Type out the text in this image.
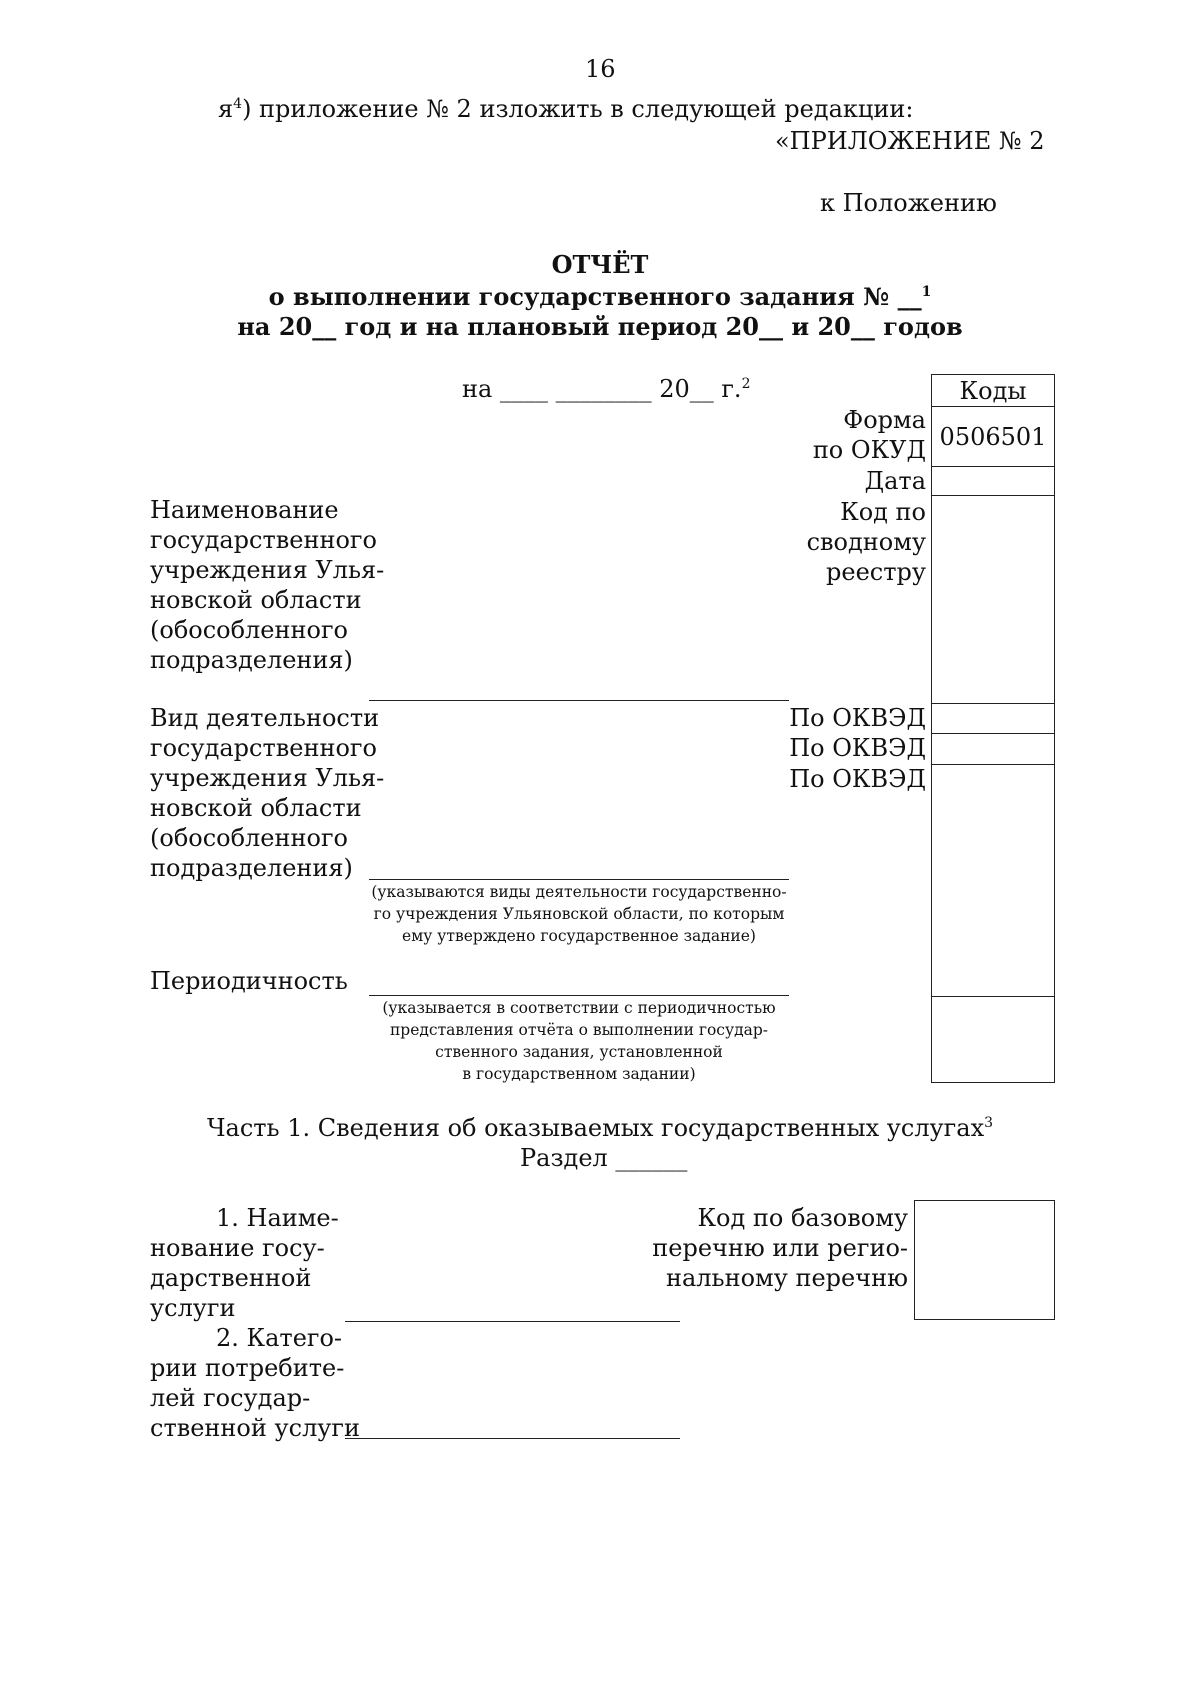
16
$я^4$) приложение № 2 изложить в следующей редакции:
«ПРИЛОЖЕНИЕ № 2
к Положению
ОТЧЁТ
о выполнении государственного задания № __$^1$
на 20__ год и на плановый период 20__ и 20__ годов
на ____ ________ 20__ г.$^2$	Коды
0506501
Форма
по ОКУД
Дата
Код по
сводному
реестру
По ОКВЭД
По ОКВЭД
По ОКВЭД
Наименование
государственного
учреждения Улья-
новской области
(обособленного
подразделения)
Вид деятельности
государственного
учреждения Улья-
новской области
(обособленного
подразделения)
(указываются виды деятельности государственно-
го учреждения Ульяновской области, по которым
ему утверждено государственное задание)
Периодичность
(указывается в соответствии с периодичностью
представления отчёта о выполнении государ-
ственного задания, установленной
в государственном задании)
Часть 1. Сведения об оказываемых государственных услугах$^3$
Раздел ______
1. Наиме-
нование госу-
дарственной
услуги
Код по базовому
перечню или регио-
нальному перечню
2. Катего-
рии потребите-
лей государ-
ственной услуги
